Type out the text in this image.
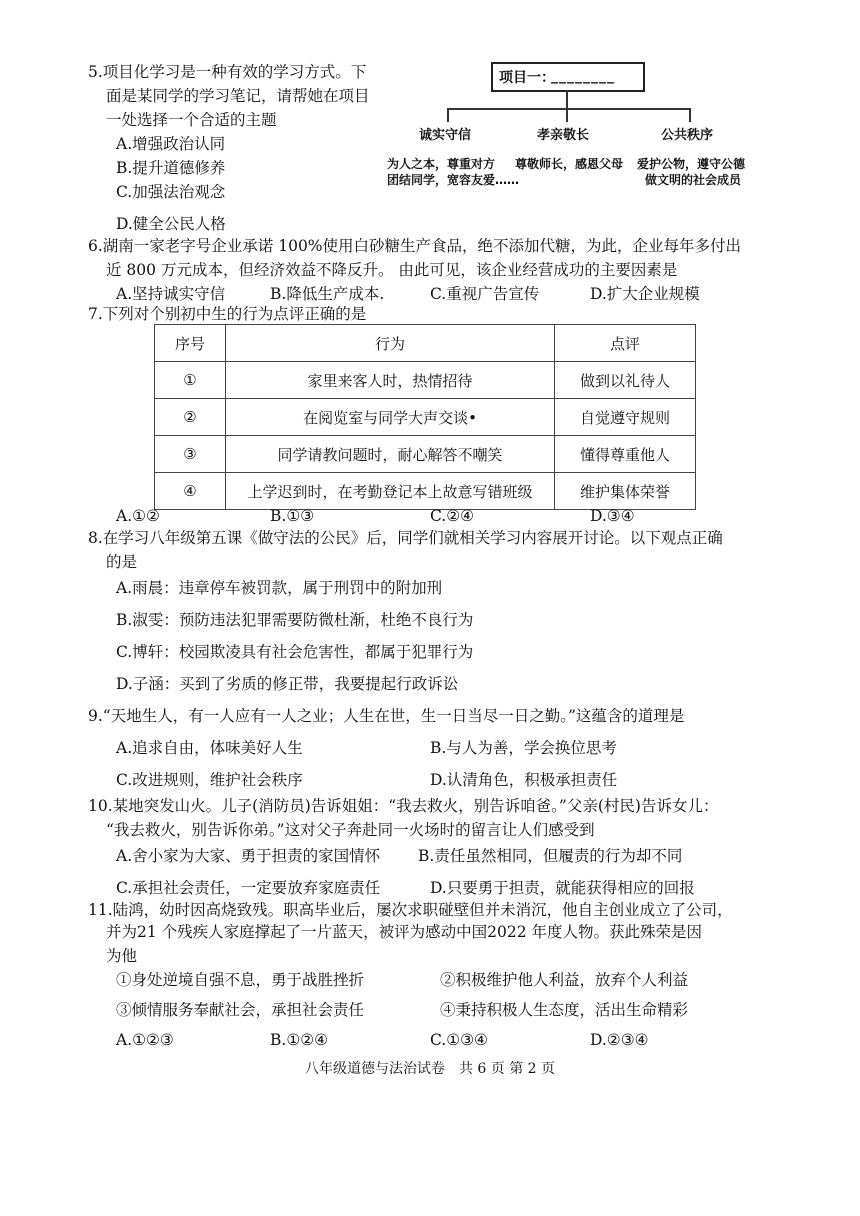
5.项目化学习是一种有效的学习方式。下
面是某同学的学习笔记，请帮她在项目
一处选择一个合适的主题
A.增强政治认同
B.提升道德修养
C.加强法治观念
D.健全公民人格
项目一：
________
诚实守信	孝亲敬长	公共秩序
为人之本，尊重对方
团结同学，宽容友爱……
尊敬师长，感恩父母 爱护公物，遵守公德
做文明的社会成员
6.湖南一家老字号企业承诺 100%使用白砂糖生产食品，绝不添加代糖，为此，企业每年多付出
近 800 万元成本，但经济效益不降反升。 由此可见，该企业经营成功的主要因素是
A.坚持诚实守信	B.降低生产成本.	C.重视广告宣传	D.扩大企业规模
7.下列对个别初中生的行为点评正确的是
序号	行为	点评
①	家里来客人时，热情招待	做到以礼待人
②	在阅览室与同学大声交谈•	自觉遵守规则
③	同学请教问题时，耐心解答不嘲笑	懂得尊重他人
④	上学迟到时，在考勤登记本上故意写错班级	维护集体荣誉
A.①②	B.①③	C.②④	D.③④
8.在学习八年级第五课《做守法的公民》后，同学们就相关学习内容展开讨论。以下观点正确
的是
A.雨晨：违章停车被罚款，属于刑罚中的附加刑
B.淑雯：预防违法犯罪需要防微杜渐，杜绝不良行为
C.博轩：校园欺凌具有社会危害性，都属于犯罪行为
D.子涵：买到了劣质的修正带，我要提起行政诉讼
9.“天地生人，有一人应有一人之业；人生在世，生一日当尽一日之勤。”这蕴含的道理是
A.追求自由，体味美好人生	B.与人为善，学会换位思考
C.改进规则，维护社会秩序	D.认清角色，积极承担责任
10.某地突发山火。儿子(消防员)告诉姐姐：“我去救火，别告诉咱爸。”父亲(村民)告诉女儿：
“我去救火，别告诉你弟。”这对父子奔赴同一火场时的留言让人们感受到
A.舍小家为大家、勇于担责的家国情怀 B.责任虽然相同，但履责的行为却不同
C.承担社会责任，一定要放弃家庭责任	D.只要勇于担责，就能获得相应的回报
11.陆鸿，幼时因高烧致残。职高毕业后，屡次求职碰壁但并未消沉，他自主创业成立了公司，
并为21 个残疾人家庭撑起了一片蓝天，被评为感动中国2022 年度人物。获此殊荣是因
为他
①身处逆境自强不息，勇于战胜挫折	②积极维护他人利益，放弃个人利益
③倾情服务奉献社会，承担社会责任	④秉持积极人生态度，活出生命精彩
A.①②③	B.①②④	C.①③④	D.②③④
八年级道德与法治试卷　共 6 页 第 2 页
